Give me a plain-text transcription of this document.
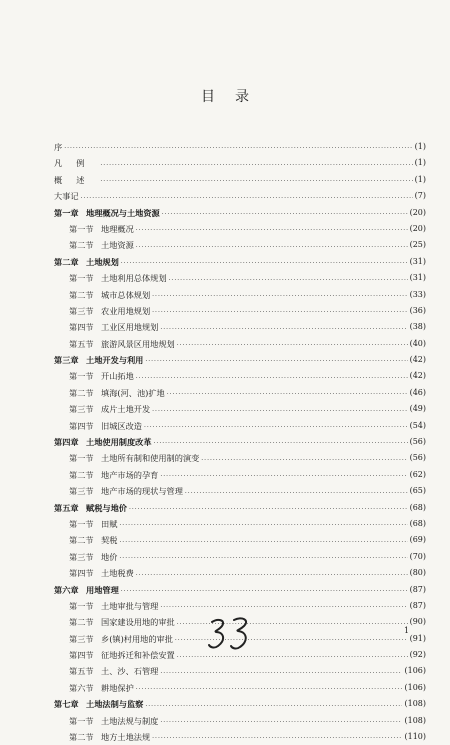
目录
序 ·····	(1)
凡例 ·····	(1)
概述 ·····	(1)
大事记 ·····	(7)
第一章 地理概况与土地资源 ·····	(20)
第一节 地理概况 ·····	(20)
第二节 土地资源 ·····	(25)
第二章 土地规划 ·····	(31)
第一节 土地利用总体规划 ·····	(31)
第二节 城市总体规划 ·····	(33)
第三节 农业用地规划 ·····	(36)
第四节 工业区用地规划 ·····	(38)
第五节 旅游风景区用地规划 ·····	(40)
第三章 土地开发与利用 ·····	(42)
第一节 开山拓地 ·····	(42)
第二节 填海(河、池)扩地 ·····	(46)
第三节 成片土地开发 ·····	(49)
第四节 旧城区改造 ·····	(54)
第四章 土地使用制度改革 ·····	(56)
第一节 土地所有制和使用制的演变 ·····	(56)
第二节 地产市场的孕育 ·····	(62)
第三节 地产市场的现状与管理 ·····	(65)
第五章 赋税与地价 ·····	(68)
第一节 田赋 ·····	(68)
第二节 契税 ·····	(69)
第三节 地价 ·····	(70)
第四节 土地税费 ·····	(80)
第六章 用地管理 ·····	(87)
第一节 土地审批与管理 ·····	(87)
第二节 国家建设用地的审批 ·····	(90)
第三节 乡(镇)村用地的审批 ·····	(91)
第四节 征地拆迁和补偿安置 ·····	(92)
第五节 土、沙、石管理 ·····	(106)
第六节 耕地保护 ·····	(106)
第七章 土地法制与监察 ·····	(108)
第一节 土地法规与制度 ·····	(108)
第二节 地方土地法规 ·····	(110)
1
